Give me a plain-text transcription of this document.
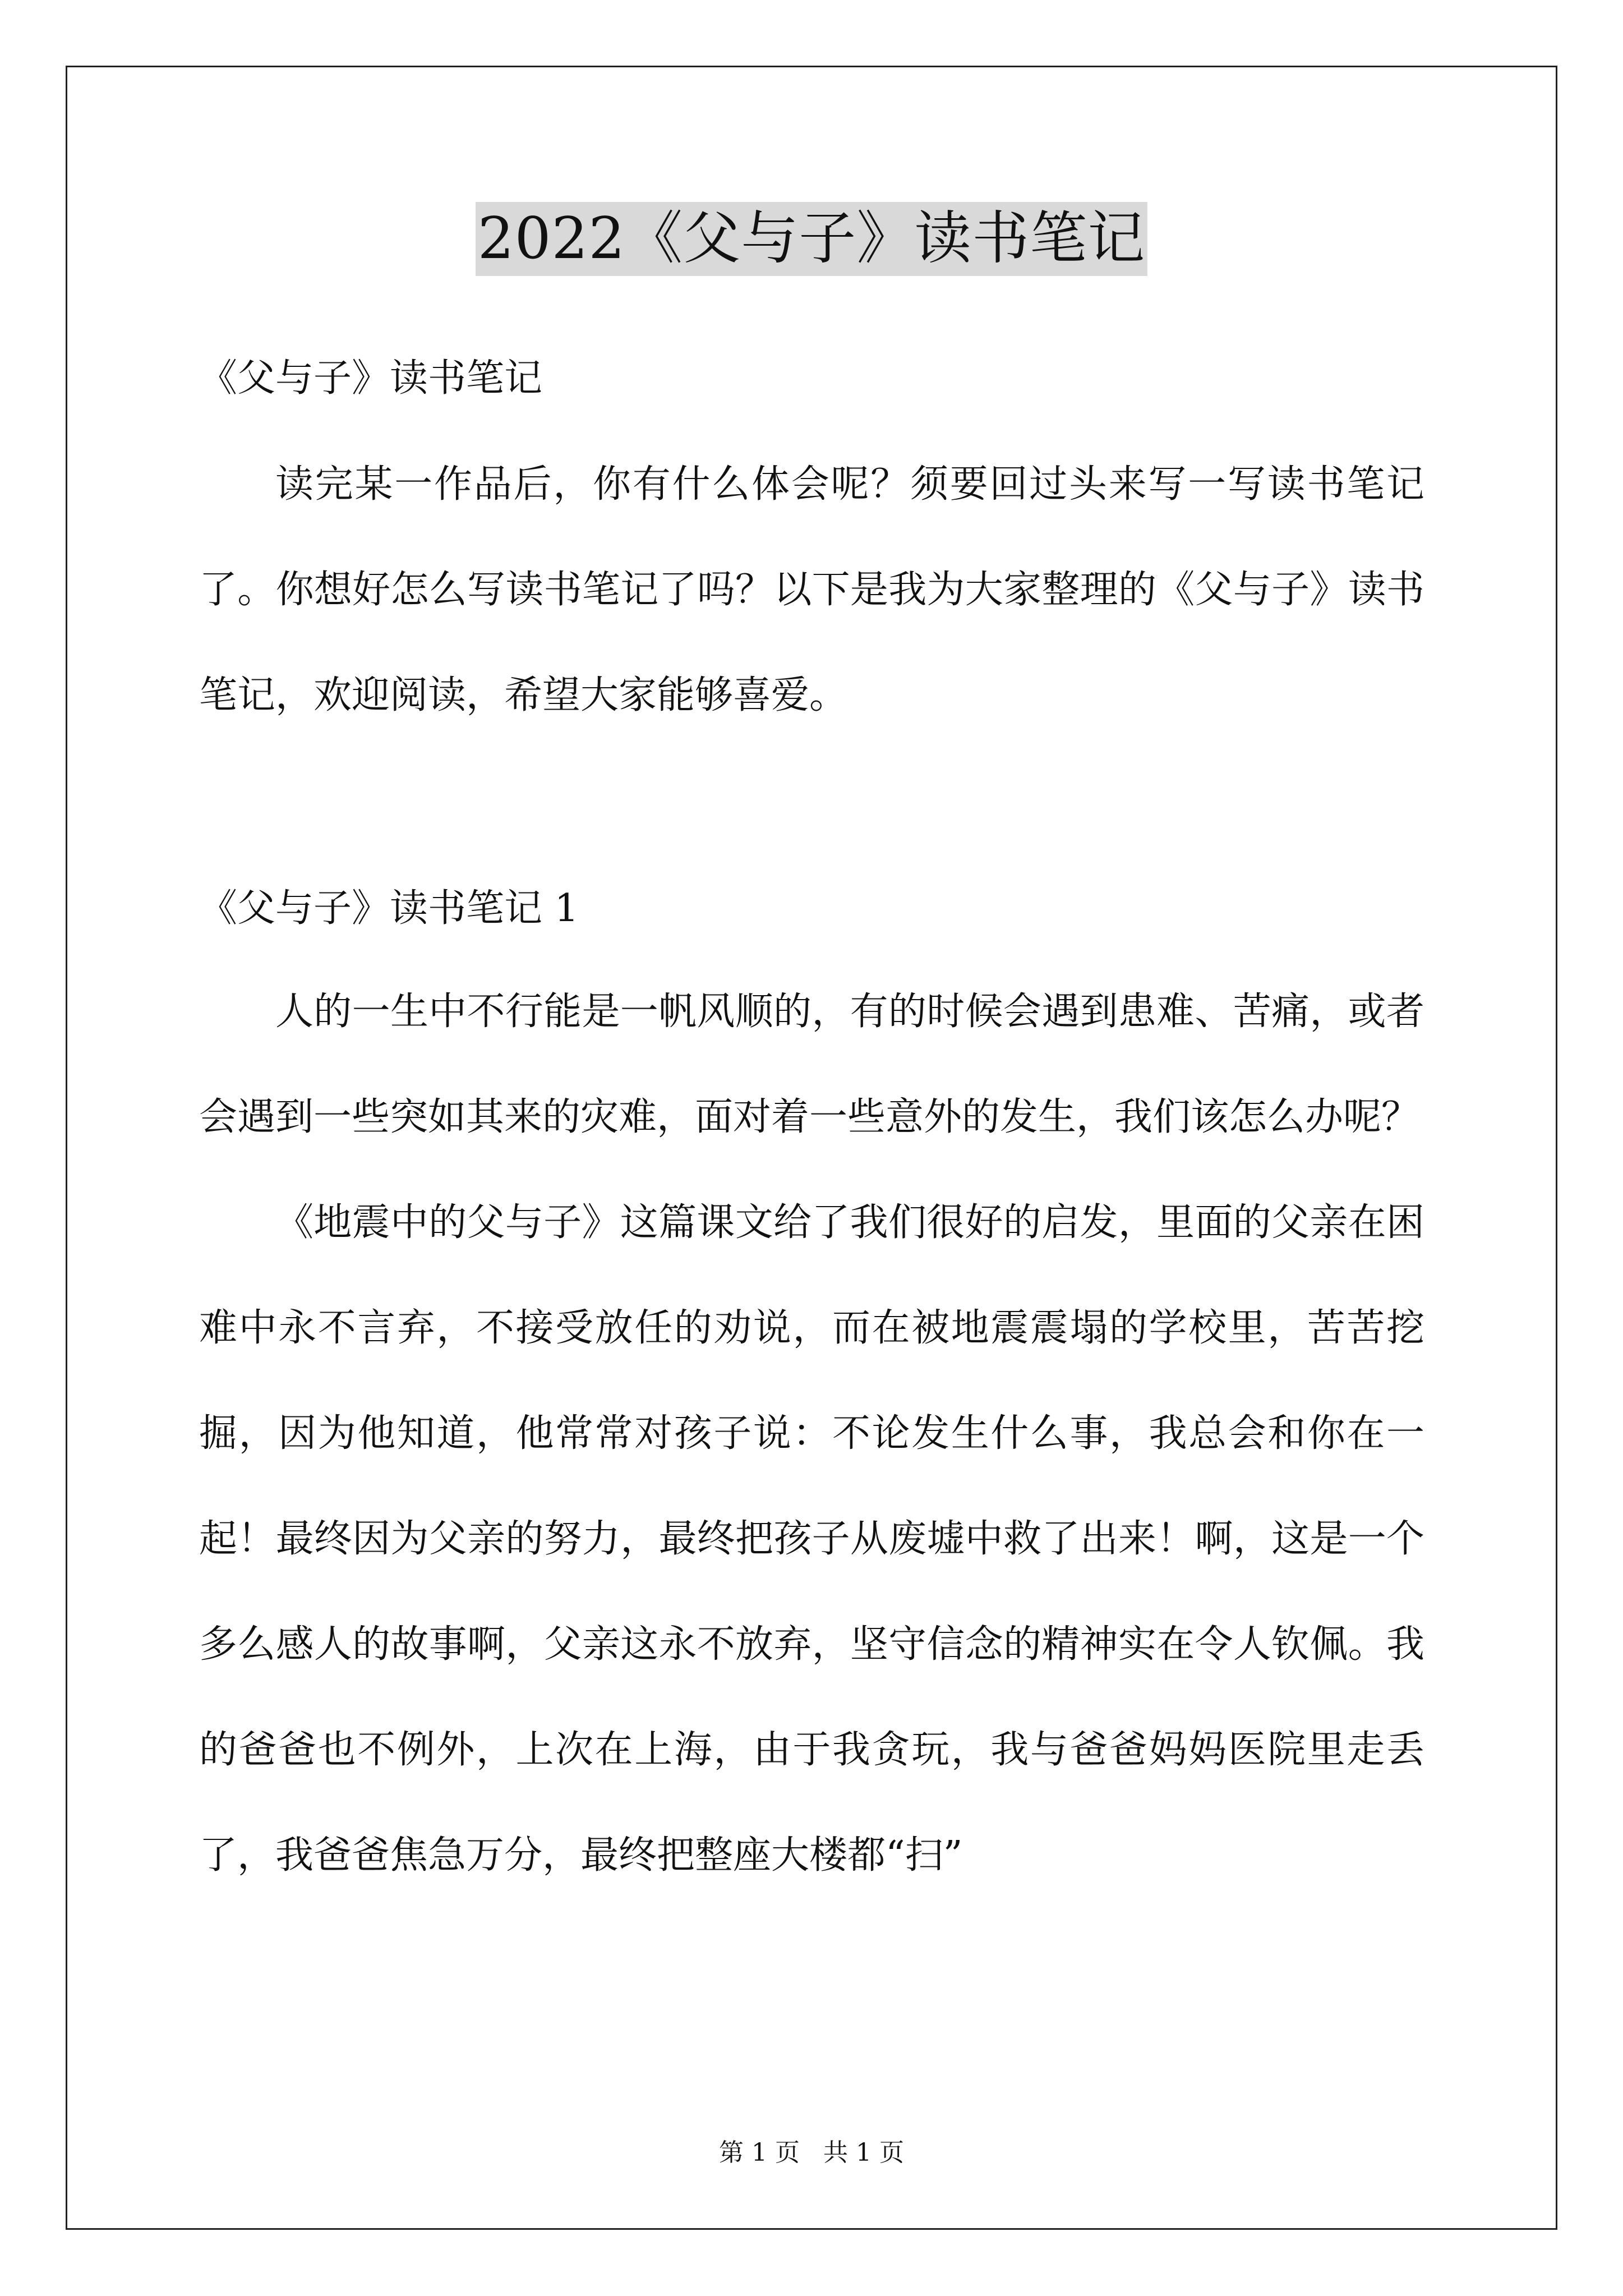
2022《父与子》读书笔记
《父与子》读书笔记

读完某一作品后，你有什么体会呢？须要回过头来写一写读书笔记了。你想好怎么写读书笔记了吗？以下是我为大家整理的《父与子》读书笔记，欢迎阅读，希望大家能够喜爱。

《父与子》读书笔记 1

人的一生中不行能是一帆风顺的，有的时候会遇到患难、苦痛，或者会遇到一些突如其来的灾难，面对着一些意外的发生，我们该怎么办呢？

《地震中的父与子》这篇课文给了我们很好的启发，里面的父亲在困难中永不言弃，不接受放任的劝说，而在被地震震塌的学校里，苦苦挖掘，因为他知道，他常常对孩子说：不论发生什么事，我总会和你在一起！最终因为父亲的努力，最终把孩子从废墟中救了出来！啊，这是一个多么感人的故事啊，父亲这永不放弃，坚守信念的精神实在令人钦佩。我的爸爸也不例外，上次在上海，由于我贪玩，我与爸爸妈妈医院里走丢了，我爸爸焦急万分，最终把整座大楼都“扫”

第 1 页 共 1 页
